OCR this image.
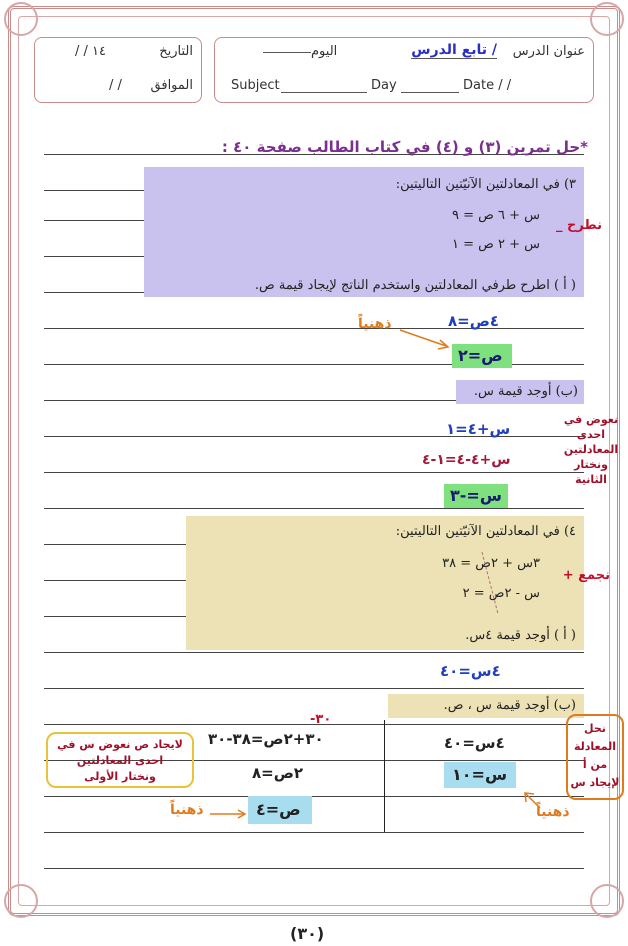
التاريخ
/ / ١٤
الموافق
/ /
عنوان الدرس
تابع الدرس /
اليوم
Subject	Day	Date / /
*حل تمرين (٣) و (٤) في كتاب الطالب صفحة ٤٠ :
٣) في المعادلتين الآنيّتين التاليتين:
س + ٦ ص = ٩
س + ٢ ص = ١
( أ ) اطرح طرفي المعادلتين واستخدم الناتج لإيجاد قيمة ص.
نطرح _
٤ص=٨
ذهنياً
ص=٢
(ب) أوجد قيمة س.
س+٤=١
س+٤-٤=١-٤
س=-٣
نعوض في
احدى
المعادلتين
ونختار
الثانية
٤) في المعادلتين الآنيّتين التاليتين:
٣س + ٢ص = ٣٨
س - ٢ص = ٢
( أ ) أوجد قيمة ٤س.
نجمع +
٤س=٤٠
(ب) أوجد قيمة س ، ص.
٣٠-
٣٠+٢ص=٣٨-٣٠
٢ص=٨
ص=٤
ذهنياً
٤س=٤٠
س=١٠
ذهنياً
لايجاد ص نعوض س في
احدى المعادلتين
ونختار الأولى
نحل
المعادلة
من أ
لإيجاد س
(٣٠)
